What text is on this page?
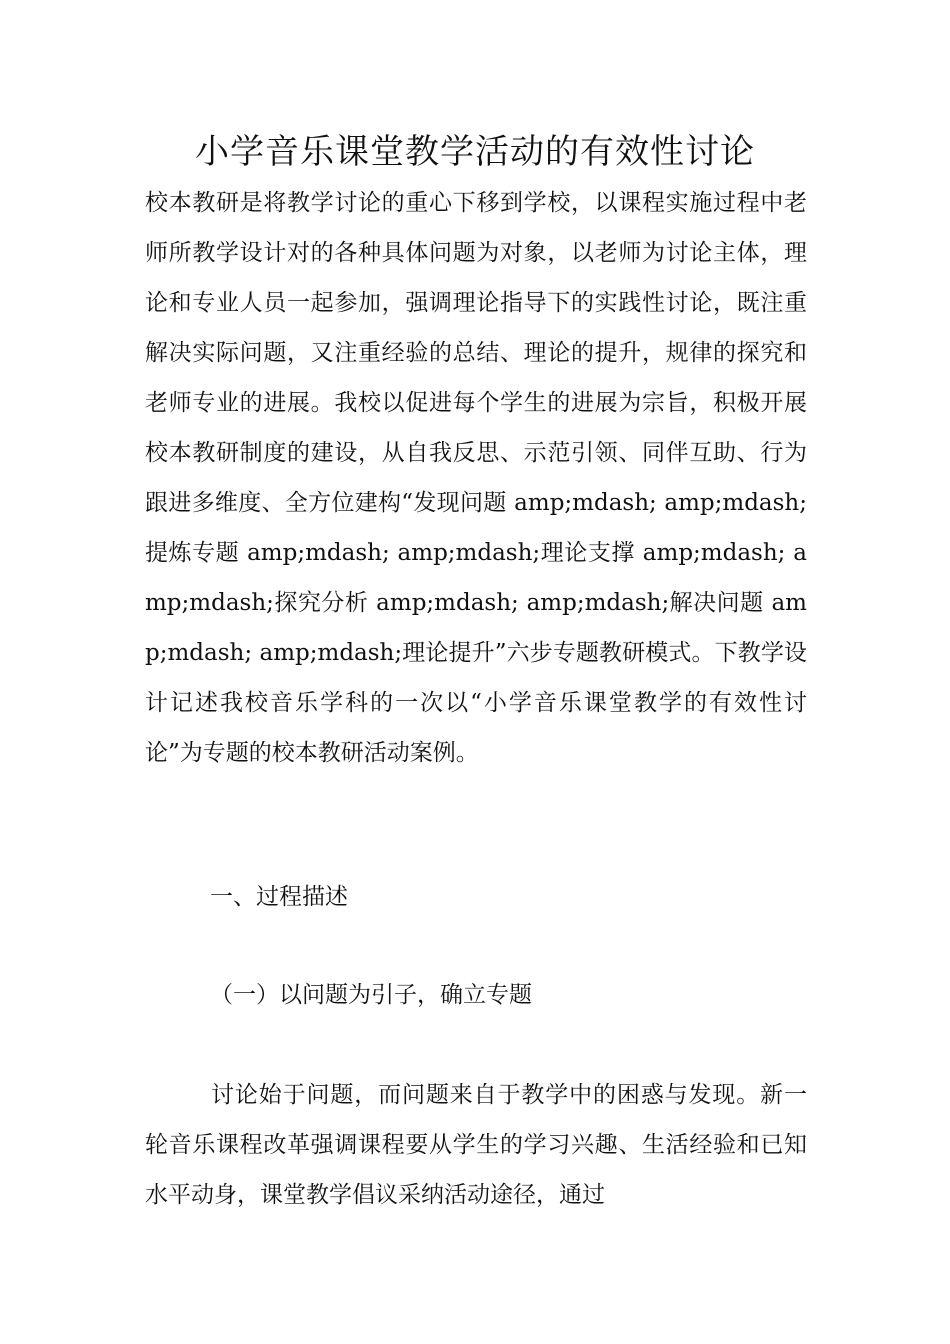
小学音乐课堂教学活动的有效性讨论

校本教研是将教学讨论的重心下移到学校，以课程实施过程中老师所教学设计对的各种具体问题为对象，以老师为讨论主体，理论和专业人员一起参加，强调理论指导下的实践性讨论，既注重解决实际问题，又注重经验的总结、理论的提升，规律的探究和老师专业的进展。我校以促进每个学生的进展为宗旨，积极开展校本教研制度的建设，从自我反思、示范引领、同伴互助、行为跟进多维度、全方位建构“发现问题 amp;mdash; amp;mdash;提炼专题 amp;mdash; amp;mdash;理论支撑 amp;mdash; amp;mdash;探究分析 amp;mdash; amp;mdash;解决问题 amp;mdash; amp;mdash;理论提升”六步专题教研模式。下教学设计记述我校音乐学科的一次以“小学音乐课堂教学的有效性讨论”为专题的校本教研活动案例。

一、过程描述

（一）以问题为引子，确立专题

讨论始于问题，而问题来自于教学中的困惑与发现。新一轮音乐课程改革强调课程要从学生的学习兴趣、生活经验和已知水平动身，课堂教学倡议采纳活动途径，通过
